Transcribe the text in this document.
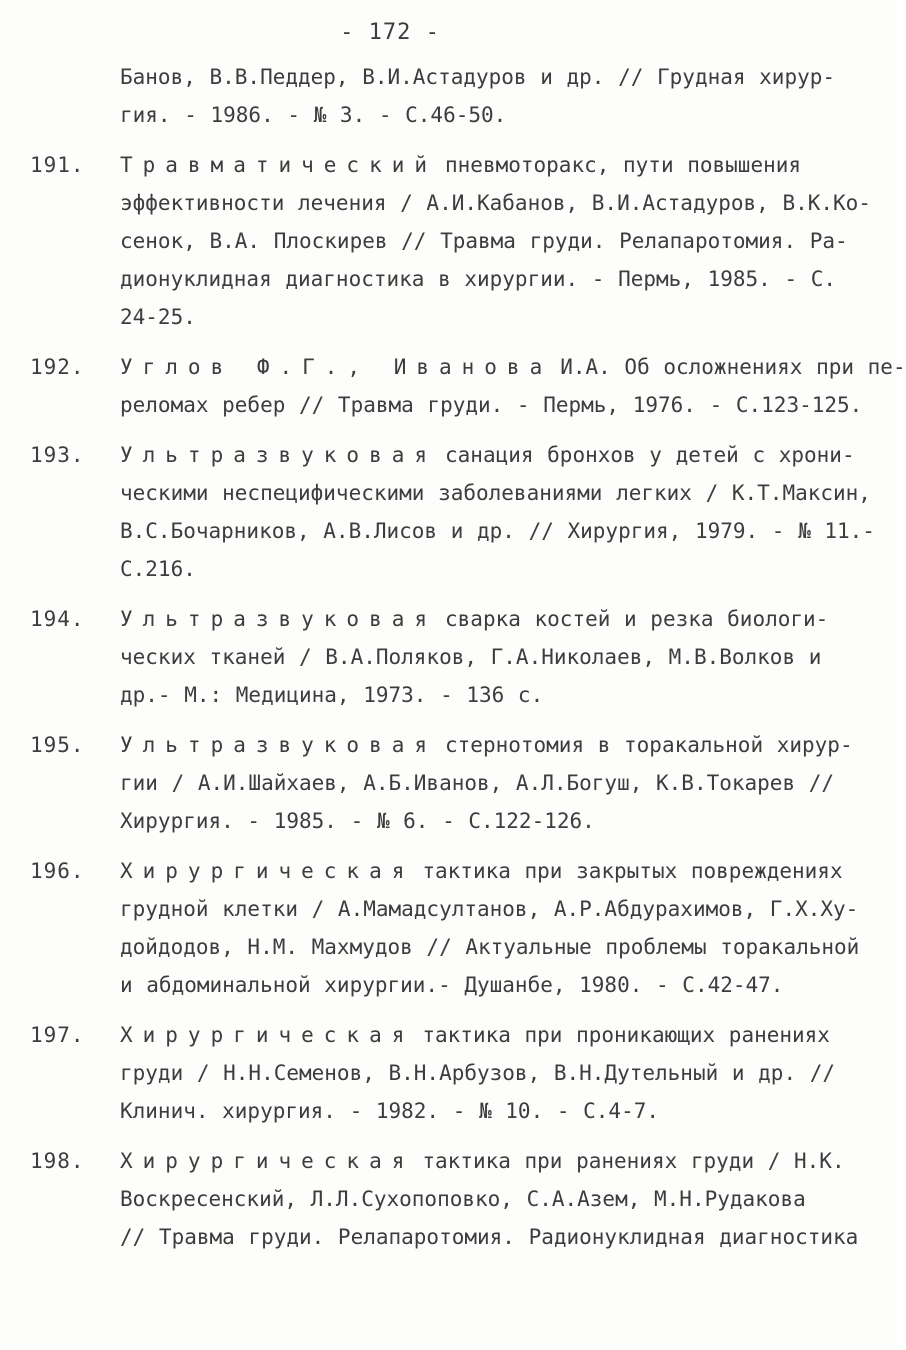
- 172 -
Банов, В.В.Педдер, В.И.Астадуров и др. // Грудная хирур-
гия. - 1986. - № 3. - С.46-50.
191.	Травматический пневмоторакс, пути повышения
эффективности лечения / А.И.Кабанов, В.И.Астадуров, В.К.Ко-
сенок, В.А. Плоскирев // Травма груди. Релапаротомия. Ра-
дионуклидная диагностика в хирургии. - Пермь, 1985. - С.
24-25.
192.	Углов Ф.Г., Иванова И.А. Об осложнениях при пе-
реломах ребер // Травма груди. - Пермь, 1976. - С.123-125.
193.	Ультразвуковая санация бронхов у детей с хрони-
ческими неспецифическими заболеваниями легких / К.Т.Максин,
В.С.Бочарников, А.В.Лисов и др. // Хирургия, 1979. - № 11.-
С.216.
194.	Ультразвуковая сварка костей и резка биологи-
ческих тканей / В.А.Поляков, Г.А.Николаев, М.В.Волков и
др.- М.: Медицина, 1973. - 136 с.
195.	Ультразвуковая стернотомия в торакальной хирур-
гии / А.И.Шайхаев, А.Б.Иванов, А.Л.Богуш, К.В.Токарев //
Хирургия. - 1985. - № 6. - С.122-126.
196.	Хирургическая тактика при закрытых повреждениях
грудной клетки / А.Мамадсултанов, А.Р.Абдурахимов, Г.Х.Ху-
дойдодов, Н.М. Махмудов // Актуальные проблемы торакальной
и абдоминальной хирургии.- Душанбе, 1980. - С.42-47.
197.	Хирургическая тактика при проникающих ранениях
груди / Н.Н.Семенов, В.Н.Арбузов, В.Н.Дутельный и др. //
Клинич. хирургия. - 1982. - № 10. - С.4-7.
198.	Хирургическая тактика при ранениях груди / Н.К.
Воскресенский, Л.Л.Сухопоповко, С.А.Азем, М.Н.Рудакова
// Травма груди. Релапаротомия. Радионуклидная диагностика
